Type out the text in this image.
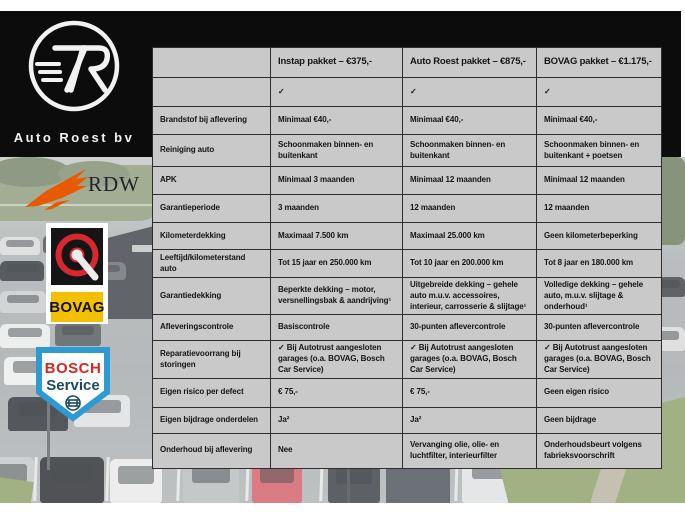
Auto Roest bv
	Instap pakket – €375,-	Auto Roest pakket – €875,-	BOVAG pakket – €1.175,-
	✓	✓	✓
Brandstof bij aflevering	Minimaal €40,-	Minimaal €40,-	Minimaal €40,-
Reiniging auto	Schoonmaken binnen- en buitenkant	Schoonmaken binnen- en buitenkant	Schoonmaken binnen- en buitenkant + poetsen
APK	Minimaal 3 maanden	Minimaal 12 maanden	Minimaal 12 maanden
Garantieperiode	3 maanden	12 maanden	12 maanden
Kilometerdekking	Maximaal 7.500 km	Maximaal 25.000 km	Geen kilometerbeperking
Leeftijd/kilometerstand auto	Tot 15 jaar en 250.000 km	Tot 10 jaar en 200.000 km	Tot 8 jaar en 180.000 km
Garantiedekking	Beperkte dekking – motor, versnellingsbak & aandrijving¹	Uitgebreide dekking – gehele auto m.u.v. accessoires, interieur, carrosserie & slijtage¹	Volledige dekking – gehele auto, m.u.v. slijtage & onderhoud¹
Afleveringscontrole	Basiscontrole	30-punten aflevercontrole	30-punten aflevercontrole
Reparatievoorrang bij storingen	✓ Bij Autotrust aangesloten garages (o.a. BOVAG, Bosch Car Service)	✓ Bij Autotrust aangesloten garages (o.a. BOVAG, Bosch Car Service)	✓ Bij Autotrust aangesloten garages (o.a. BOVAG, Bosch Car Service)
Eigen risico per defect	€ 75,-	€ 75,-	Geen eigen risico
Eigen bijdrage onderdelen	Ja²	Ja²	Geen bijdrage
Onderhoud bij aflevering	Nee	Vervanging olie, olie- en luchtfilter, interieurfilter	Onderhoudsbeurt volgens fabrieksvoorschrift
RDW
BOVAG
BOSCH
Service
